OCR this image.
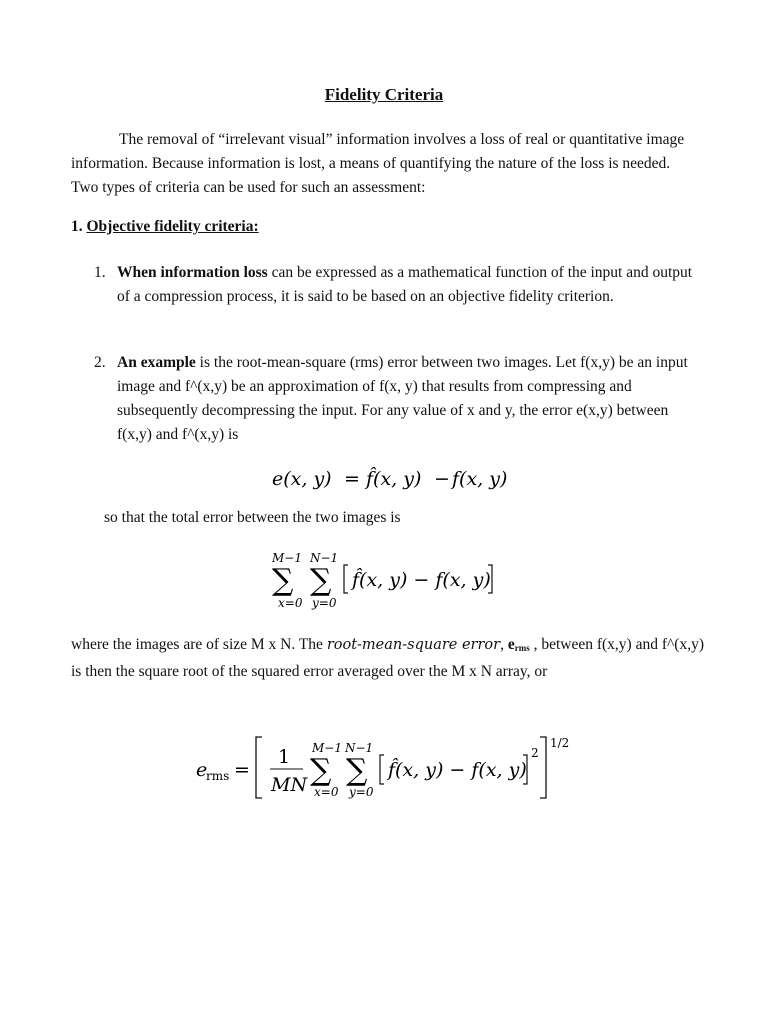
Fidelity Criteria
The removal of “irrelevant visual” information involves a loss of real or quantitative image information. Because information is lost, a means of quantifying the nature of the loss is needed. Two types of criteria can be used for such an assessment:
1. Objective fidelity criteria:
1. When information loss can be expressed as a mathematical function of the input and output of a compression process, it is said to be based on an objective fidelity criterion.
2. An example is the root-mean-square (rms) error between two images. Let f(x,y) be an input image and f^(x,y) be an approximation of f(x, y) that results from compressing and subsequently decompressing the input. For any value of x and y, the error e(x,y) between f(x,y) and f^(x,y) is
e(x, y) = f̂(x, y) − f(x, y)
so that the total error between the two images is
M−1 N−1
∑ ∑
x=0 y=0
f̂(x, y) − f(x, y)
where the images are of size M x N. The root-mean-square error, erms , between f(x,y) and f^(x,y) is then the square root of the squared error averaged over the M x N array, or
e
rms =
1
MN
M−1 N−1
∑ ∑
x=0 y=0
f̂(x, y) − f(x, y)
2
1/2
